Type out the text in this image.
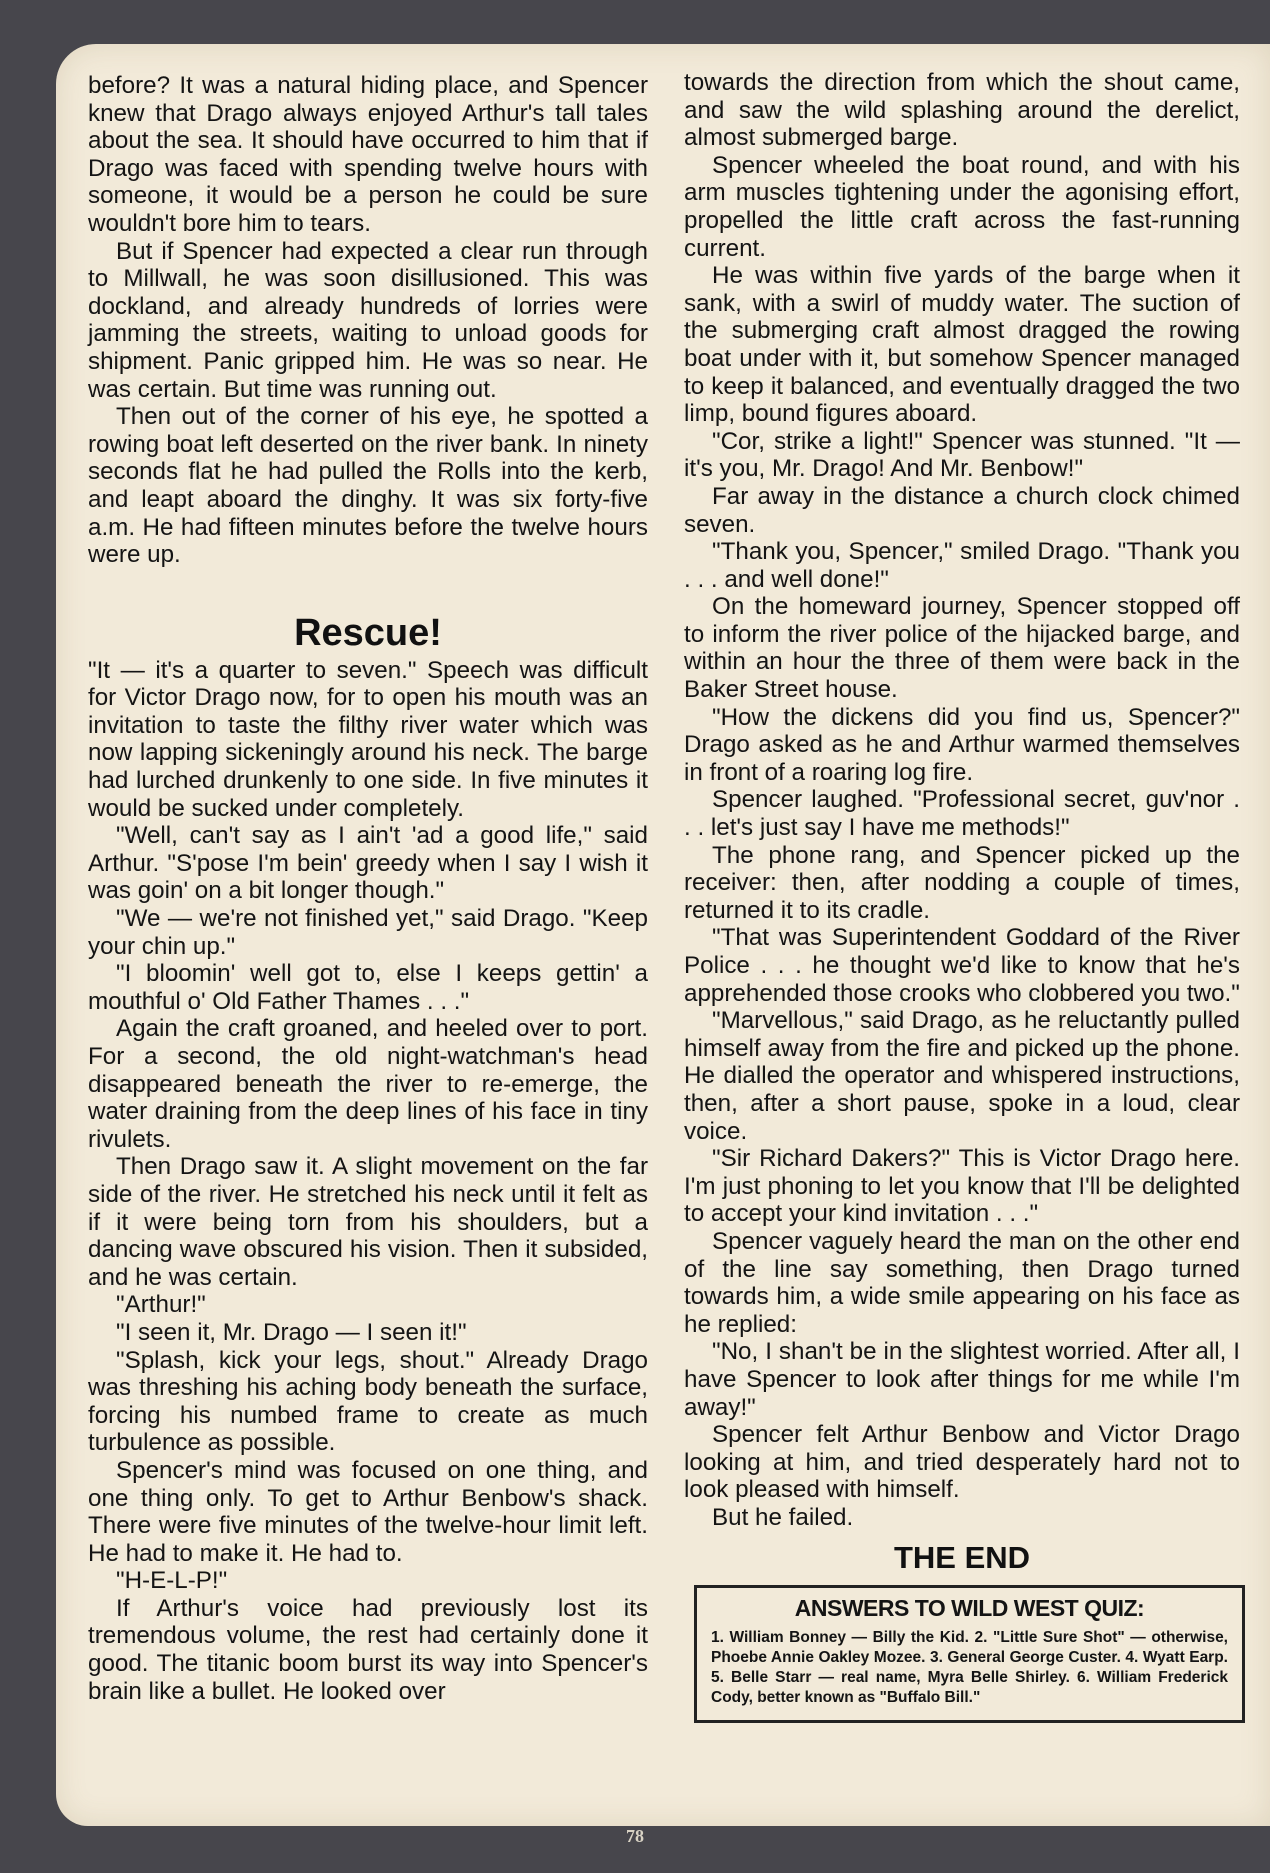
before? It was a natural hiding place, and Spencer knew that Drago always enjoyed Arthur's tall tales about the sea. It should have occurred to him that if Drago was faced with spending twelve hours with someone, it would be a person he could be sure wouldn't bore him to tears.

But if Spencer had expected a clear run through to Millwall, he was soon disillusioned. This was dockland, and already hundreds of lorries were jamming the streets, waiting to unload goods for shipment. Panic gripped him. He was so near. He was certain. But time was running out.

Then out of the corner of his eye, he spotted a rowing boat left deserted on the river bank. In ninety seconds flat he had pulled the Rolls into the kerb, and leapt aboard the dinghy. It was six forty-five a.m. He had fifteen minutes before the twelve hours were up.

Rescue!

"It — it's a quarter to seven." Speech was difficult for Victor Drago now, for to open his mouth was an invitation to taste the filthy river water which was now lapping sickeningly around his neck. The barge had lurched drunkenly to one side. In five minutes it would be sucked under completely.

"Well, can't say as I ain't 'ad a good life," said Arthur. "S'pose I'm bein' greedy when I say I wish it was goin' on a bit longer though."

"We — we're not finished yet," said Drago. "Keep your chin up."

"I bloomin' well got to, else I keeps gettin' a mouthful o' Old Father Thames . . ."

Again the craft groaned, and heeled over to port. For a second, the old night-watchman's head disappeared beneath the river to re-emerge, the water draining from the deep lines of his face in tiny rivulets.

Then Drago saw it. A slight movement on the far side of the river. He stretched his neck until it felt as if it were being torn from his shoulders, but a dancing wave obscured his vision. Then it subsided, and he was certain.

"Arthur!"

"I seen it, Mr. Drago — I seen it!"

"Splash, kick your legs, shout." Already Drago was threshing his aching body beneath the surface, forcing his numbed frame to create as much turbulence as possible.

Spencer's mind was focused on one thing, and one thing only. To get to Arthur Benbow's shack. There were five minutes of the twelve-hour limit left. He had to make it. He had to.

"H-E-L-P!"

If Arthur's voice had previously lost its tremendous volume, the rest had certainly done it good. The titanic boom burst its way into Spencer's brain like a bullet. He looked over

towards the direction from which the shout came, and saw the wild splashing around the derelict, almost submerged barge.

Spencer wheeled the boat round, and with his arm muscles tightening under the agonising effort, propelled the little craft across the fast-running current.

He was within five yards of the barge when it sank, with a swirl of muddy water. The suction of the submerging craft almost dragged the rowing boat under with it, but somehow Spencer managed to keep it balanced, and eventually dragged the two limp, bound figures aboard.

"Cor, strike a light!" Spencer was stunned. "It — it's you, Mr. Drago! And Mr. Benbow!"

Far away in the distance a church clock chimed seven.

"Thank you, Spencer," smiled Drago. "Thank you . . . and well done!"

On the homeward journey, Spencer stopped off to inform the river police of the hijacked barge, and within an hour the three of them were back in the Baker Street house.

"How the dickens did you find us, Spencer?" Drago asked as he and Arthur warmed themselves in front of a roaring log fire.

Spencer laughed. "Professional secret, guv'nor . . . let's just say I have me methods!"

The phone rang, and Spencer picked up the receiver: then, after nodding a couple of times, returned it to its cradle.

"That was Superintendent Goddard of the River Police . . . he thought we'd like to know that he's apprehended those crooks who clobbered you two."

"Marvellous," said Drago, as he reluctantly pulled himself away from the fire and picked up the phone. He dialled the operator and whispered instructions, then, after a short pause, spoke in a loud, clear voice.

"Sir Richard Dakers?" This is Victor Drago here. I'm just phoning to let you know that I'll be delighted to accept your kind invitation . . ."

Spencer vaguely heard the man on the other end of the line say something, then Drago turned towards him, a wide smile appearing on his face as he replied:

"No, I shan't be in the slightest worried. After all, I have Spencer to look after things for me while I'm away!"

Spencer felt Arthur Benbow and Victor Drago looking at him, and tried desperately hard not to look pleased with himself.

But he failed.

THE END
ANSWERS TO WILD WEST QUIZ:
1. William Bonney — Billy the Kid. 2. "Little Sure Shot" — otherwise, Phoebe Annie Oakley Mozee. 3. General George Custer. 4. Wyatt Earp. 5. Belle Starr — real name, Myra Belle Shirley. 6. William Frederick Cody, better known as "Buffalo Bill."
78
